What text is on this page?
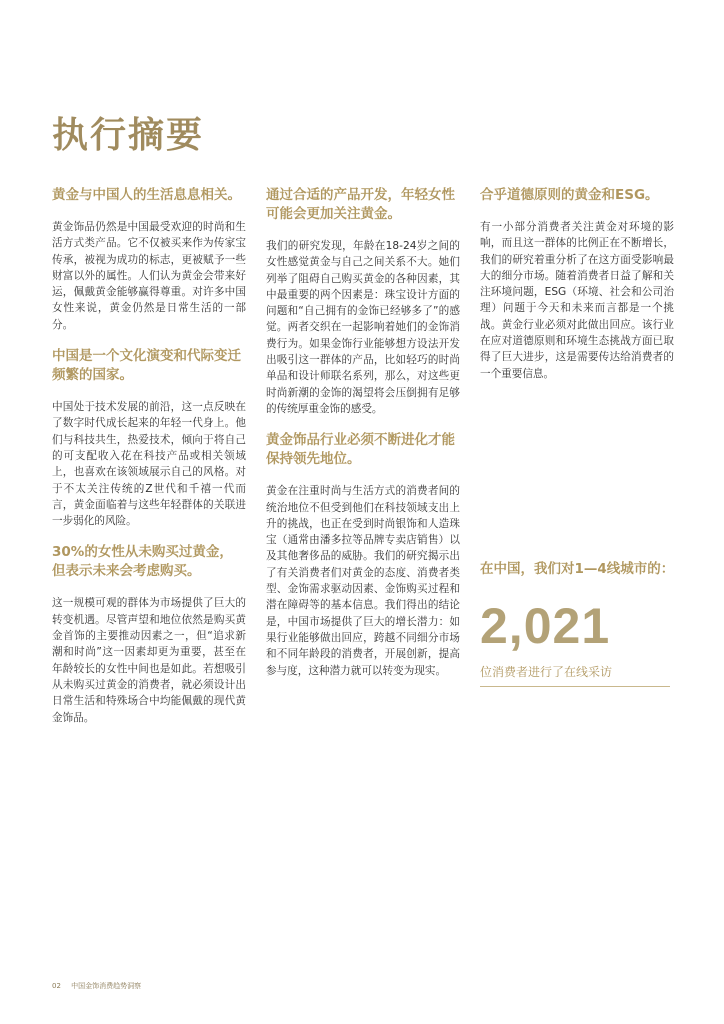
执行摘要

黄金与中国人的生活息息相关。

黄金饰品仍然是中国最受欢迎的时尚和生活方式类产品。它不仅被买来作为传家宝传承，被视为成功的标志，更被赋予一些财富以外的属性。人们认为黄金会带来好运，佩戴黄金能够赢得尊重。对许多中国女性来说，黄金仍然是日常生活的一部分。

中国是一个文化演变和代际变迁频繁的国家。

中国处于技术发展的前沿，这一点反映在了数字时代成长起来的年轻一代身上。他们与科技共生，热爱技术，倾向于将自己的可支配收入花在科技产品或相关领域上，也喜欢在该领域展示自己的风格。对于不太关注传统的Z世代和千禧一代而言，黄金面临着与这些年轻群体的关联进一步弱化的风险。

30%的女性从未购买过黄金，但表示未来会考虑购买。

这一规模可观的群体为市场提供了巨大的转变机遇。尽管声望和地位依然是购买黄金首饰的主要推动因素之一，但“追求新潮和时尚”这一因素却更为重要，甚至在年龄较长的女性中间也是如此。若想吸引从未购买过黄金的消费者，就必须设计出日常生活和特殊场合中均能佩戴的现代黄金饰品。

通过合适的产品开发，年轻女性可能会更加关注黄金。

我们的研究发现，年龄在18-24岁之间的女性感觉黄金与自己之间关系不大。她们列举了阻碍自己购买黄金的各种因素，其中最重要的两个因素是：珠宝设计方面的问题和“自己拥有的金饰已经够多了”的感觉。两者交织在一起影响着她们的金饰消费行为。如果金饰行业能够想方设法开发出吸引这一群体的产品，比如轻巧的时尚单品和设计师联名系列，那么，对这些更时尚新潮的金饰的渴望将会压倒拥有足够的传统厚重金饰的感受。

黄金饰品行业必须不断进化才能保持领先地位。

黄金在注重时尚与生活方式的消费者间的统治地位不但受到他们在科技领域支出上升的挑战，也正在受到时尚银饰和人造珠宝（通常由潘多拉等品牌专卖店销售）以及其他奢侈品的威胁。我们的研究揭示出了有关消费者们对黄金的态度、消费者类型、金饰需求驱动因素、金饰购买过程和潜在障碍等的基本信息。我们得出的结论是，中国市场提供了巨大的增长潜力：如果行业能够做出回应，跨越不同细分市场和不同年龄段的消费者，开展创新，提高参与度，这种潜力就可以转变为现实。

合乎道德原则的黄金和ESG。

有一小部分消费者关注黄金对环境的影响，而且这一群体的比例正在不断增长，我们的研究着重分析了在这方面受影响最大的细分市场。随着消费者日益了解和关注环境问题，ESG（环境、社会和公司治理）问题于今天和未来而言都是一个挑战。黄金行业必须对此做出回应。该行业在应对道德原则和环境生态挑战方面已取得了巨大进步，这是需要传达给消费者的一个重要信息。

在中国，我们对1—4线城市的：

2,021
位消费者进行了在线采访
02 中国金饰消费趋势洞察
